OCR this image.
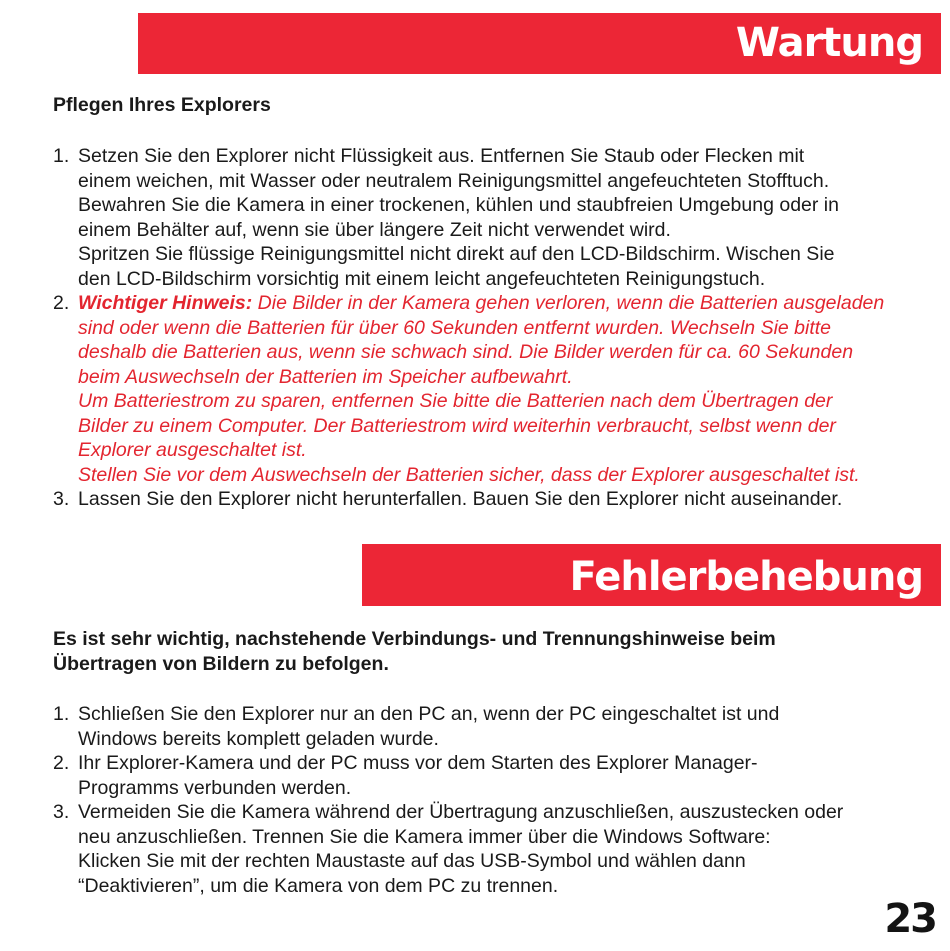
Wartung
Pflegen Ihres Explorers
1. Setzen Sie den Explorer nicht Flüssigkeit aus. Entfernen Sie Staub oder Flecken mit
einem weichen, mit Wasser oder neutralem Reinigungsmittel angefeuchteten Stofftuch.
Bewahren Sie die Kamera in einer trockenen, kühlen und staubfreien Umgebung oder in
einem Behälter auf, wenn sie über längere Zeit nicht verwendet wird.
Spritzen Sie flüssige Reinigungsmittel nicht direkt auf den LCD-Bildschirm. Wischen Sie
den LCD-Bildschirm vorsichtig mit einem leicht angefeuchteten Reinigungstuch.
2. Wichtiger Hinweis: Die Bilder in der Kamera gehen verloren, wenn die Batterien ausgeladen
sind oder wenn die Batterien für über 60 Sekunden entfernt wurden. Wechseln Sie bitte
deshalb die Batterien aus, wenn sie schwach sind. Die Bilder werden für ca. 60 Sekunden
beim Auswechseln der Batterien im Speicher aufbewahrt.
Um Batteriestrom zu sparen, entfernen Sie bitte die Batterien nach dem Übertragen der
Bilder zu einem Computer. Der Batteriestrom wird weiterhin verbraucht, selbst wenn der
Explorer ausgeschaltet ist.
Stellen Sie vor dem Auswechseln der Batterien sicher, dass der Explorer ausgeschaltet ist.
3. Lassen Sie den Explorer nicht herunterfallen. Bauen Sie den Explorer nicht auseinander.
Fehlerbehebung
Es ist sehr wichtig, nachstehende Verbindungs- und Trennungshinweise beim
Übertragen von Bildern zu befolgen.
1. Schließen Sie den Explorer nur an den PC an, wenn der PC eingeschaltet ist und
Windows bereits komplett geladen wurde.
2. Ihr Explorer-Kamera und der PC muss vor dem Starten des Explorer Manager-
Programms verbunden werden.
3. Vermeiden Sie die Kamera während der Übertragung anzuschließen, auszustecken oder
neu anzuschließen. Trennen Sie die Kamera immer über die Windows Software:
Klicken Sie mit der rechten Maustaste auf das USB-Symbol und wählen dann
“Deaktivieren”, um die Kamera von dem PC zu trennen.
23
